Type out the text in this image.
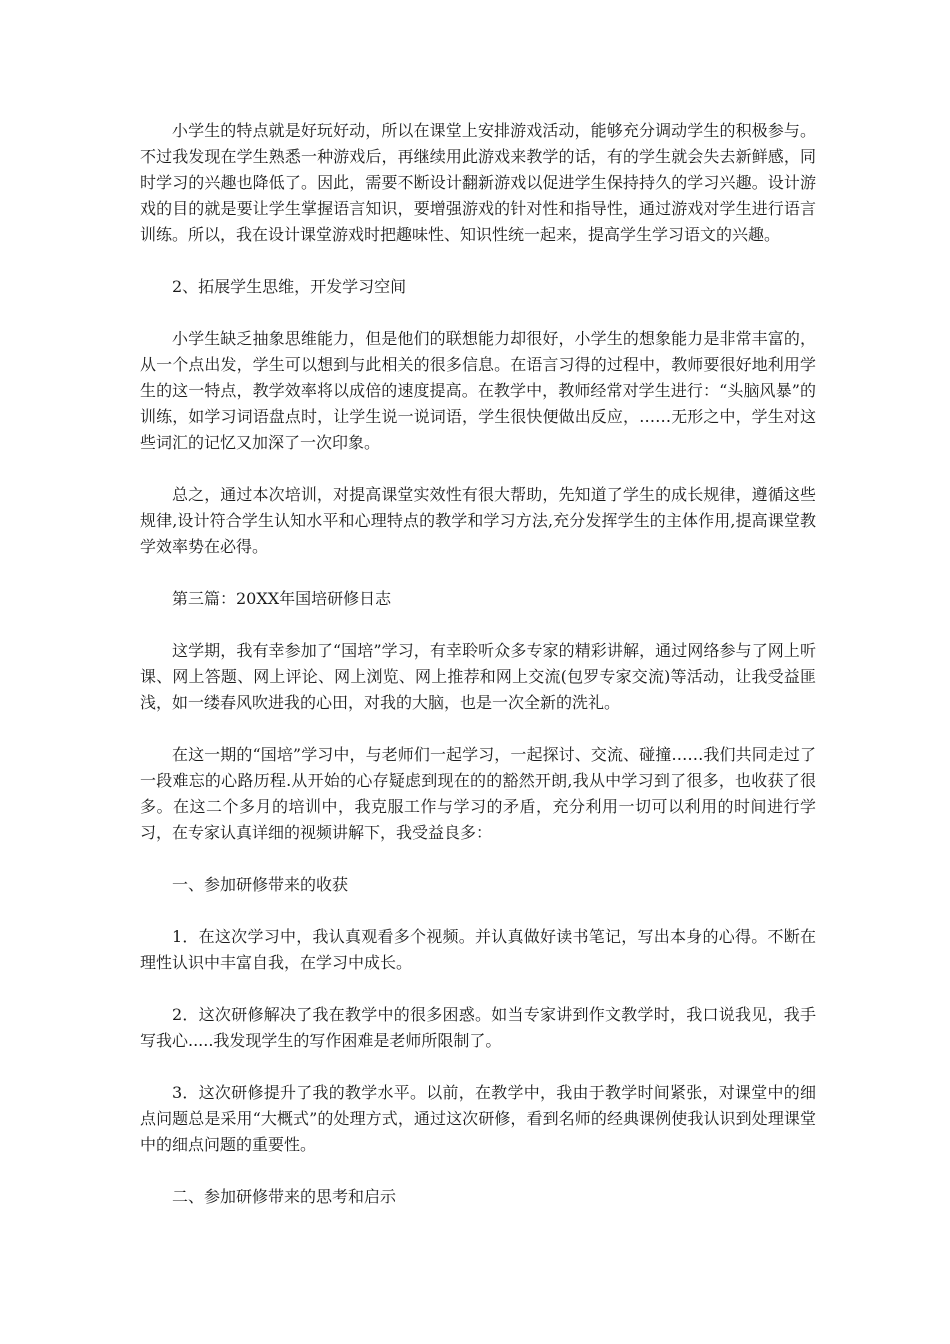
小学生的特点就是好玩好动，所以在课堂上安排游戏活动，能够充分调动学生的积极参与。不过我发现在学生熟悉一种游戏后，再继续用此游戏来教学的话，有的学生就会失去新鲜感，同时学习的兴趣也降低了。因此，需要不断设计翻新游戏以促进学生保持持久的学习兴趣。设计游戏的目的就是要让学生掌握语言知识，要增强游戏的针对性和指导性，通过游戏对学生进行语言训练。所以，我在设计课堂游戏时把趣味性、知识性统一起来，提高学生学习语文的兴趣。

2、拓展学生思维，开发学习空间

小学生缺乏抽象思维能力，但是他们的联想能力却很好，小学生的想象能力是非常丰富的，从一个点出发，学生可以想到与此相关的很多信息。在语言习得的过程中，教师要很好地利用学生的这一特点，教学效率将以成倍的速度提高。在教学中，教师经常对学生进行：“头脑风暴”的训练，如学习词语盘点时，让学生说一说词语，学生很快便做出反应，……无形之中，学生对这些词汇的记忆又加深了一次印象。

总之，通过本次培训，对提高课堂实效性有很大帮助，先知道了学生的成长规律，遵循这些规律,设计符合学生认知水平和心理特点的教学和学习方法,充分发挥学生的主体作用,提高课堂教学效率势在必得。

第三篇：20XX年国培研修日志

这学期，我有幸参加了“国培”学习，有幸聆听众多专家的精彩讲解，通过网络参与了网上听课、网上答题、网上评论、网上浏览、网上推荐和网上交流(包罗专家交流)等活动，让我受益匪浅，如一缕春风吹进我的心田，对我的大脑，也是一次全新的洗礼。

在这一期的“国培”学习中，与老师们一起学习，一起探讨、交流、碰撞……我们共同走过了一段难忘的心路历程.从开始的心存疑虑到现在的的豁然开朗,我从中学习到了很多，也收获了很多。在这二个多月的培训中，我克服工作与学习的矛盾，充分利用一切可以利用的时间进行学习，在专家认真详细的视频讲解下，我受益良多：

一、参加研修带来的收获

1．在这次学习中，我认真观看多个视频。并认真做好读书笔记，写出本身的心得。不断在理性认识中丰富自我，在学习中成长。

2．这次研修解决了我在教学中的很多困惑。如当专家讲到作文教学时，我口说我见，我手写我心.....我发现学生的写作困难是老师所限制了。

3．这次研修提升了我的教学水平。以前，在教学中，我由于教学时间紧张，对课堂中的细点问题总是采用“大概式”的处理方式，通过这次研修，看到名师的经典课例使我认识到处理课堂中的细点问题的重要性。

二、参加研修带来的思考和启示
